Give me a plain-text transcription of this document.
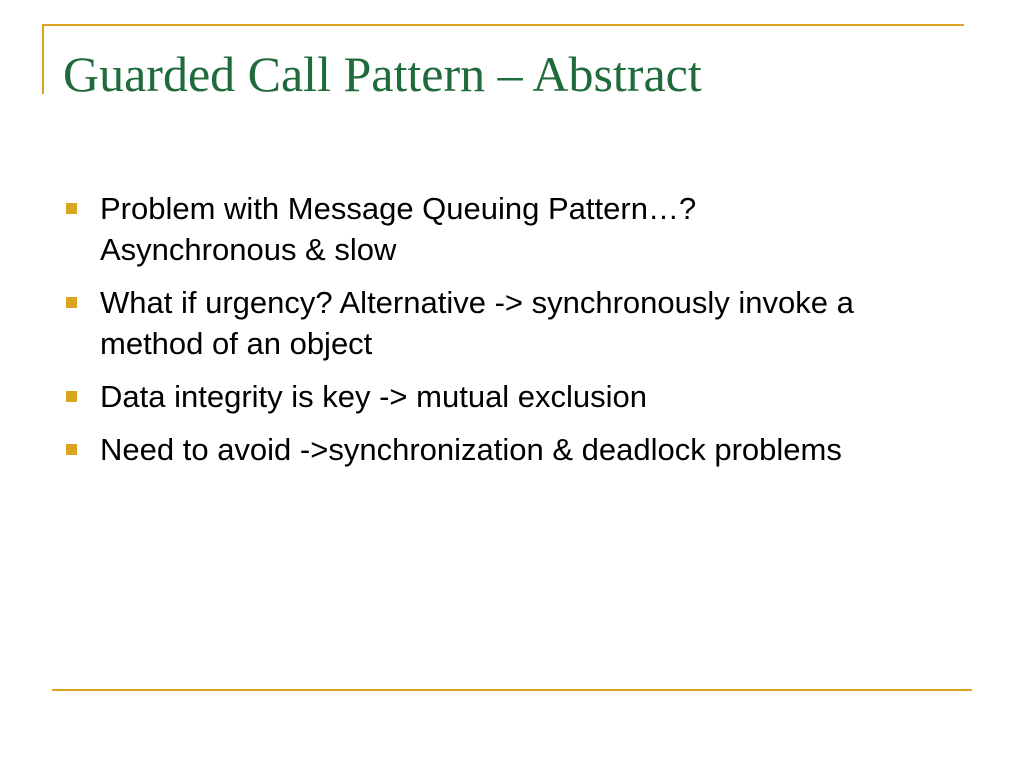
Guarded Call Pattern – Abstract
Problem with Message Queuing Pattern…? Asynchronous & slow
What if urgency? Alternative -> synchronously invoke a method of an object
Data integrity is key -> mutual exclusion
Need to avoid ->synchronization & deadlock problems
